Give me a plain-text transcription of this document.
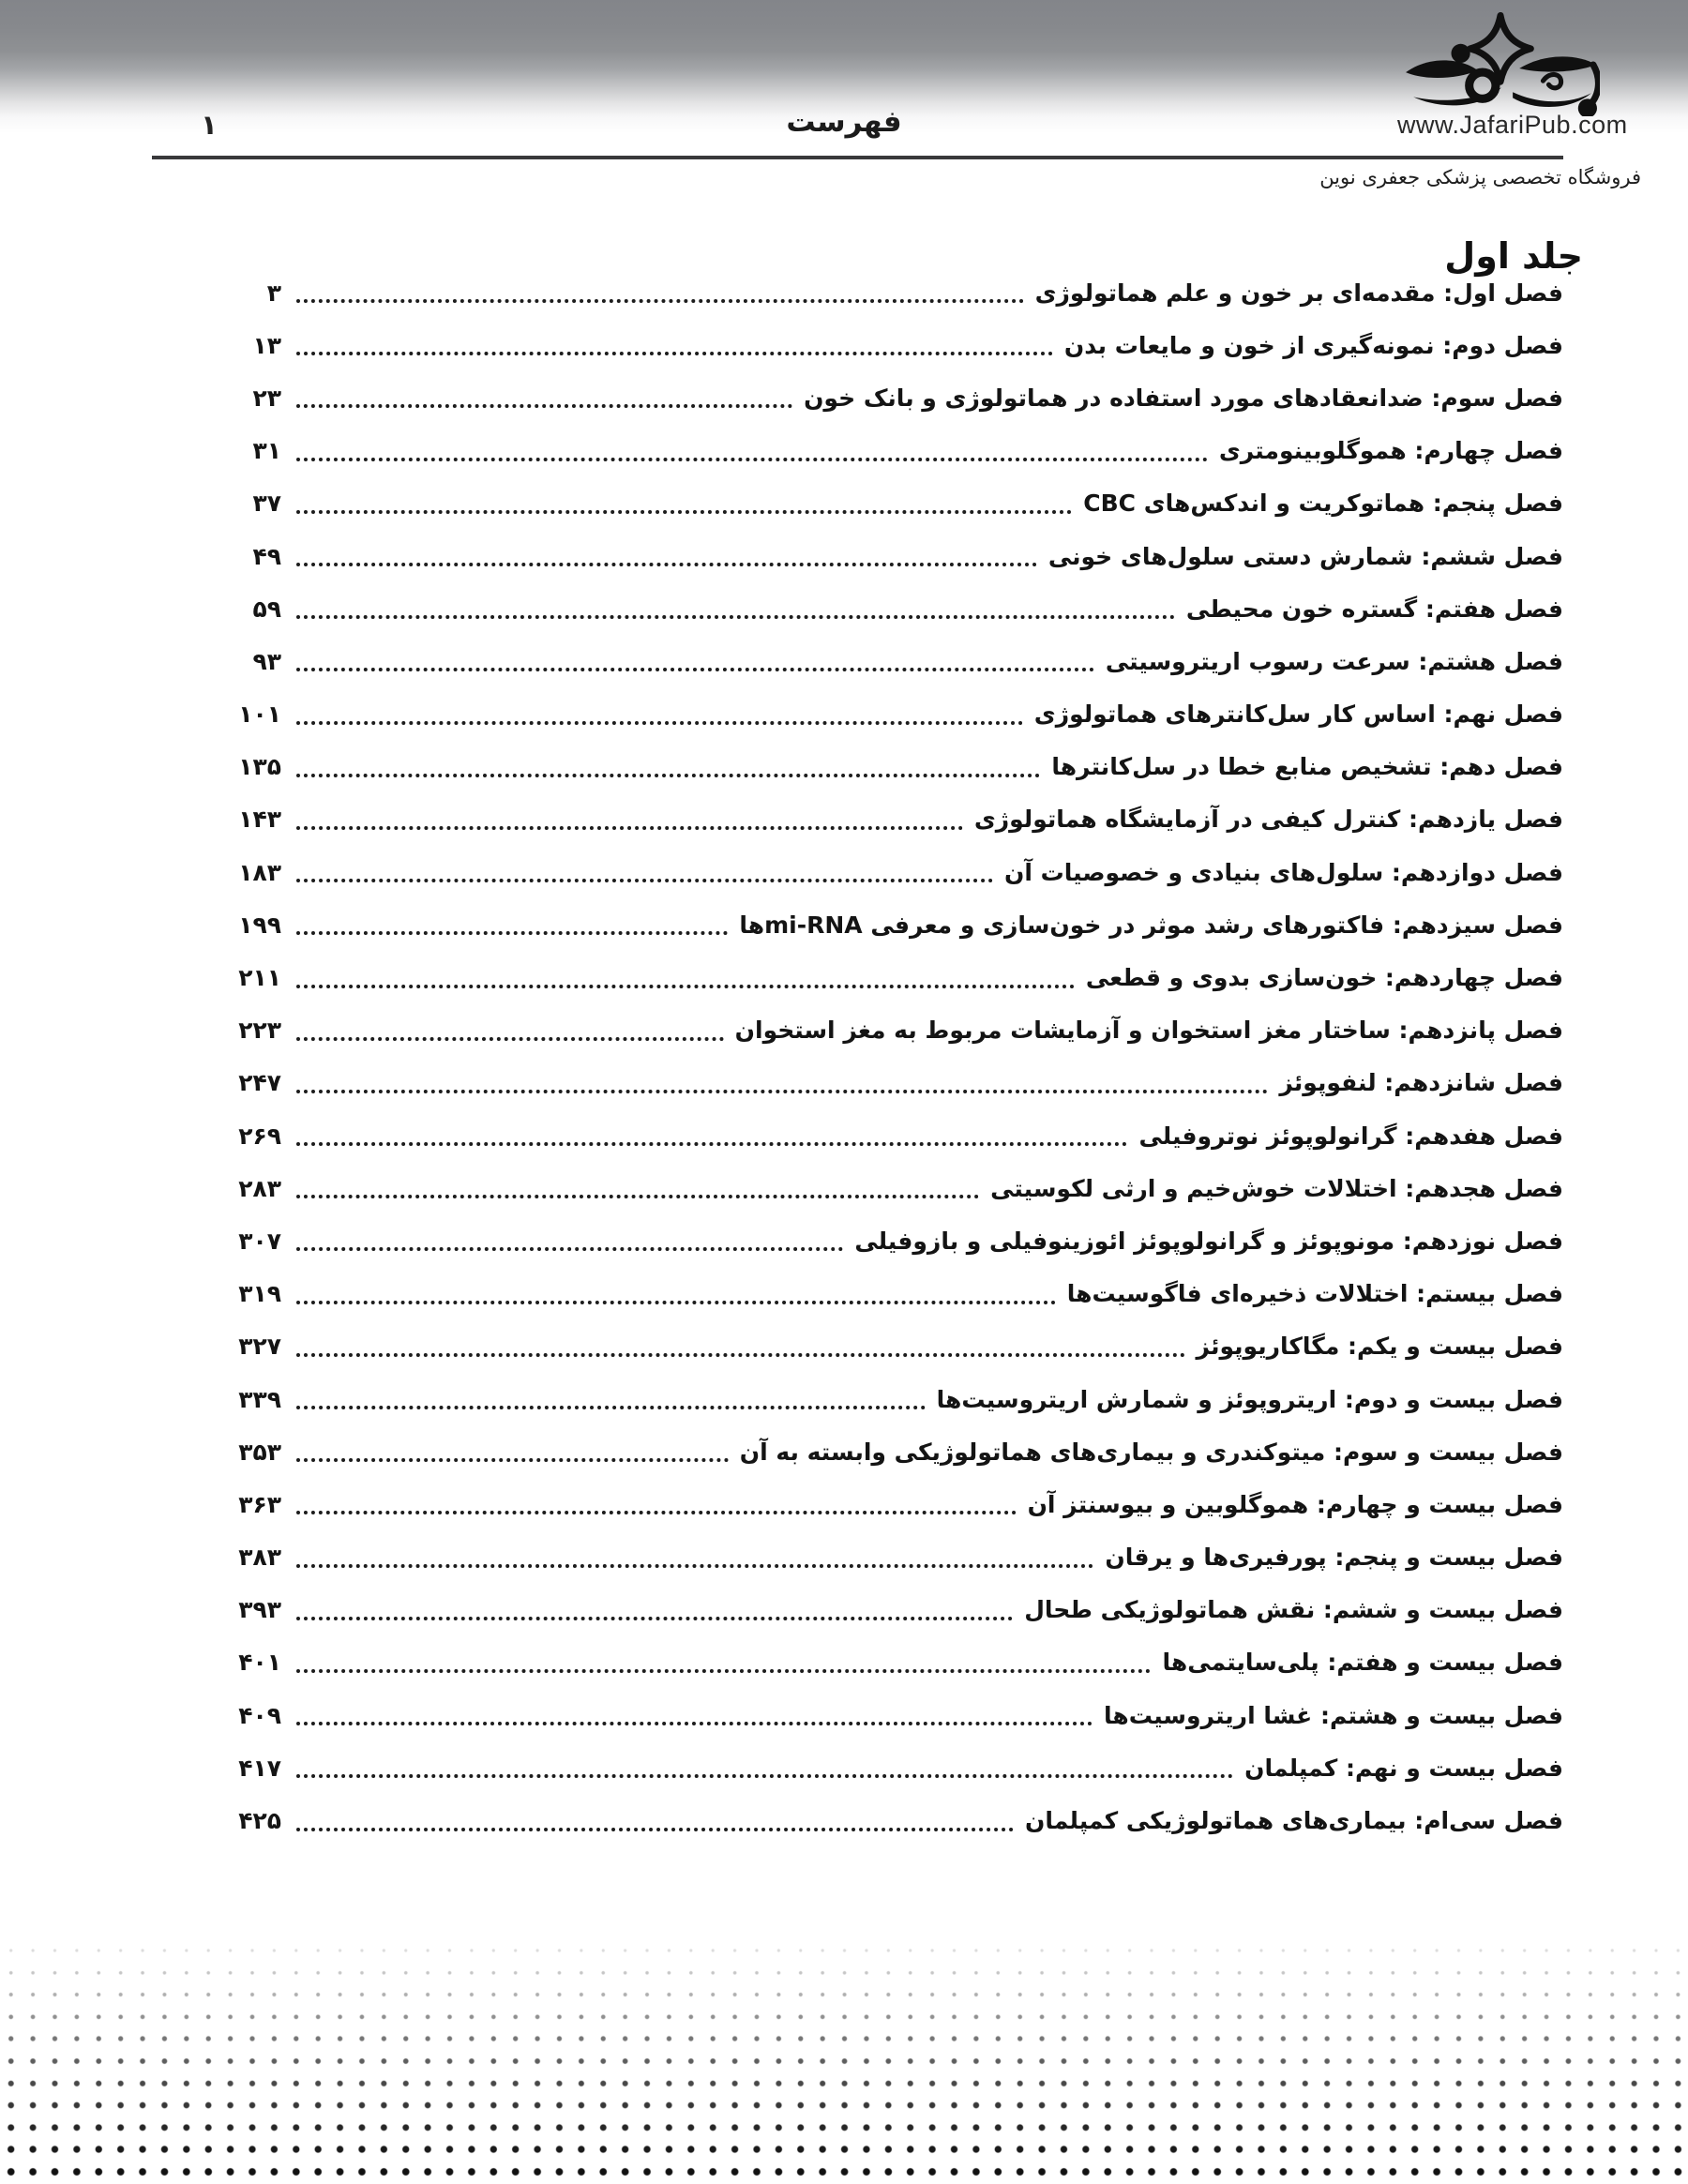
www.JafariPub.com
۱	فهرست
فروشگاه تخصصی پزشکی جعفری نوین
جلد اول
فصل اول: مقدمه‌ای بر خون و علم هماتولوژی
۳
فصل دوم: نمونه‌گیری از خون و مایعات بدن
۱۳
فصل سوم: ضدانعقادهای مورد استفاده در هماتولوژی و بانک خون
۲۳
فصل چهارم: هموگلوبینومتری
۳۱
فصل پنجم: هماتوکریت و اندکس‌های CBC
۳۷
فصل ششم: شمارش دستی سلول‌های خونی
۴۹
فصل هفتم: گستره خون محیطی
۵۹
فصل هشتم: سرعت رسوب اریتروسیتی
۹۳
فصل نهم: اساس کار سل‌کانترهای هماتولوژی
۱۰۱
فصل دهم: تشخیص منابع خطا در سل‌کانترها
۱۳۵
فصل یازدهم: کنترل کیفی در آزمایشگاه هماتولوژی
۱۴۳
فصل دوازدهم: سلول‌های بنیادی و خصوصیات آن
۱۸۳
فصل سیزدهم: فاکتورهای رشد موثر در خون‌سازی و معرفی mi-RNAها
۱۹۹
فصل چهاردهم: خون‌سازی بدوی و قطعی
۲۱۱
فصل پانزدهم: ساختار مغز استخوان و آزمایشات مربوط به مغز استخوان
۲۲۳
فصل شانزدهم: لنفوپوئز
۲۴۷
فصل هفدهم: گرانولوپوئز نوتروفیلی
۲۶۹
فصل هجدهم: اختلالات خوش‌خیم و ارثی لکوسیتی
۲۸۳
فصل نوزدهم: مونوپوئز و گرانولوپوئز ائوزینوفیلی و بازوفیلی
۳۰۷
فصل بیستم: اختلالات ذخیره‌ای فاگوسیت‌ها
۳۱۹
فصل بیست و یکم: مگاکاریوپوئز
۳۲۷
فصل بیست و دوم: اریتروپوئز و شمارش اریتروسیت‌ها
۳۳۹
فصل بیست و سوم: میتوکندری و بیماری‌های هماتولوژیکی وابسته به آن
۳۵۳
فصل بیست و چهارم: هموگلوبین و بیوسنتز آن
۳۶۳
فصل بیست و پنجم: پورفیری‌ها و یرقان
۳۸۳
فصل بیست و ششم: نقش هماتولوژیکی طحال
۳۹۳
فصل بیست و هفتم: پلی‌سایتمی‌ها
۴۰۱
فصل بیست و هشتم: غشا اریتروسیت‌ها
۴۰۹
فصل بیست و نهم: کمپلمان
۴۱۷
فصل سی‌ام: بیماری‌های هماتولوژیکی کمپلمان
۴۲۵
